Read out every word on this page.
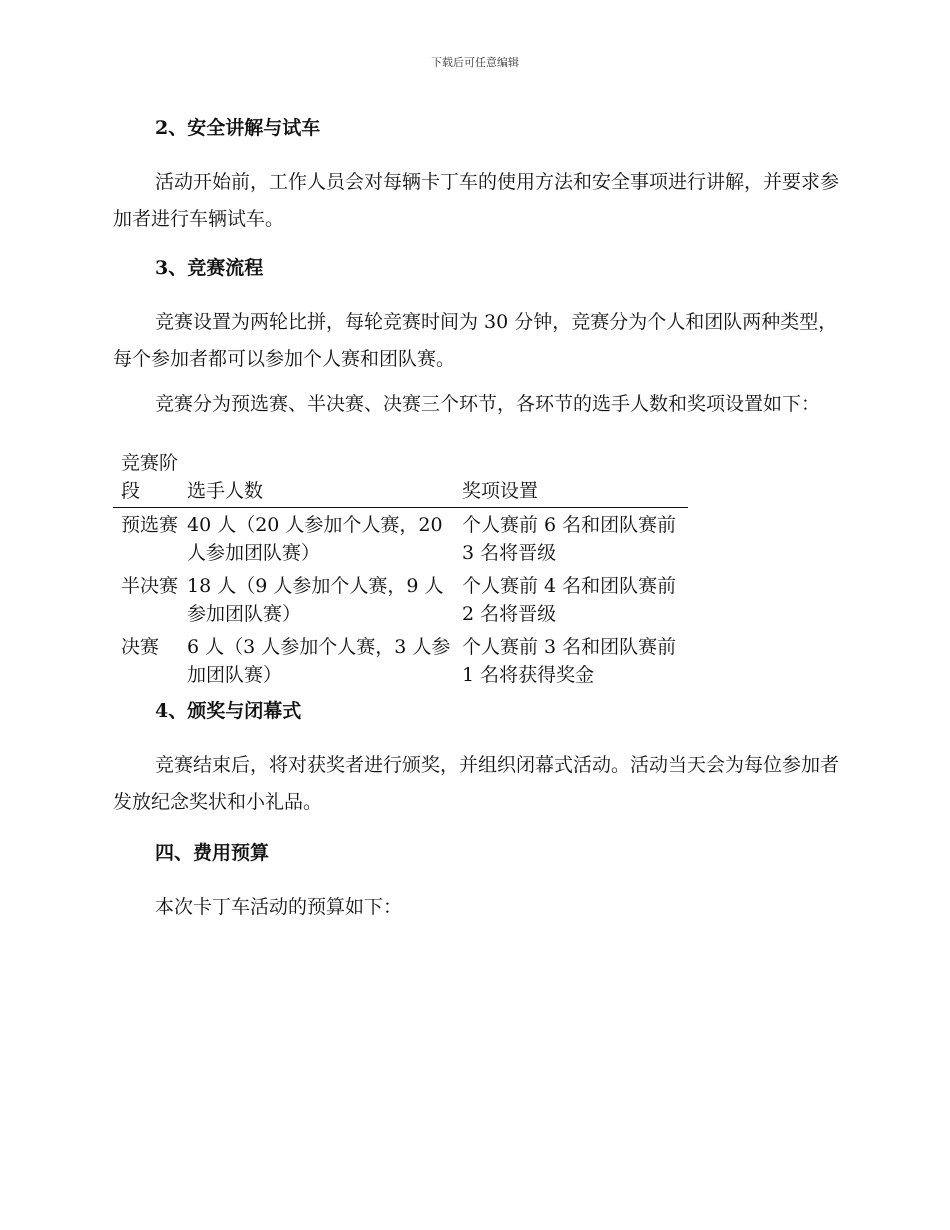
下载后可任意编辑
2、安全讲解与试车

活动开始前，工作人员会对每辆卡丁车的使用方法和安全事项进行讲解，并要求参加者进行车辆试车。

3、竞赛流程

竞赛设置为两轮比拼，每轮竞赛时间为 30 分钟，竞赛分为个人和团队两种类型，每个参加者都可以参加个人赛和团队赛。

竞赛分为预选赛、半决赛、决赛三个环节，各环节的选手人数和奖项设置如下：

竞赛阶段	选手人数	奖项设置
预选赛	40 人（20 人参加个人赛，20 人参加团队赛）	个人赛前 6 名和团队赛前 3 名将晋级
半决赛	18 人（9 人参加个人赛，9 人参加团队赛）	个人赛前 4 名和团队赛前 2 名将晋级
决赛	6 人（3 人参加个人赛，3 人参加团队赛）	个人赛前 3 名和团队赛前 1 名将获得奖金
4、颁奖与闭幕式

竞赛结束后，将对获奖者进行颁奖，并组织闭幕式活动。活动当天会为每位参加者发放纪念奖状和小礼品。

四、费用预算

本次卡丁车活动的预算如下：
